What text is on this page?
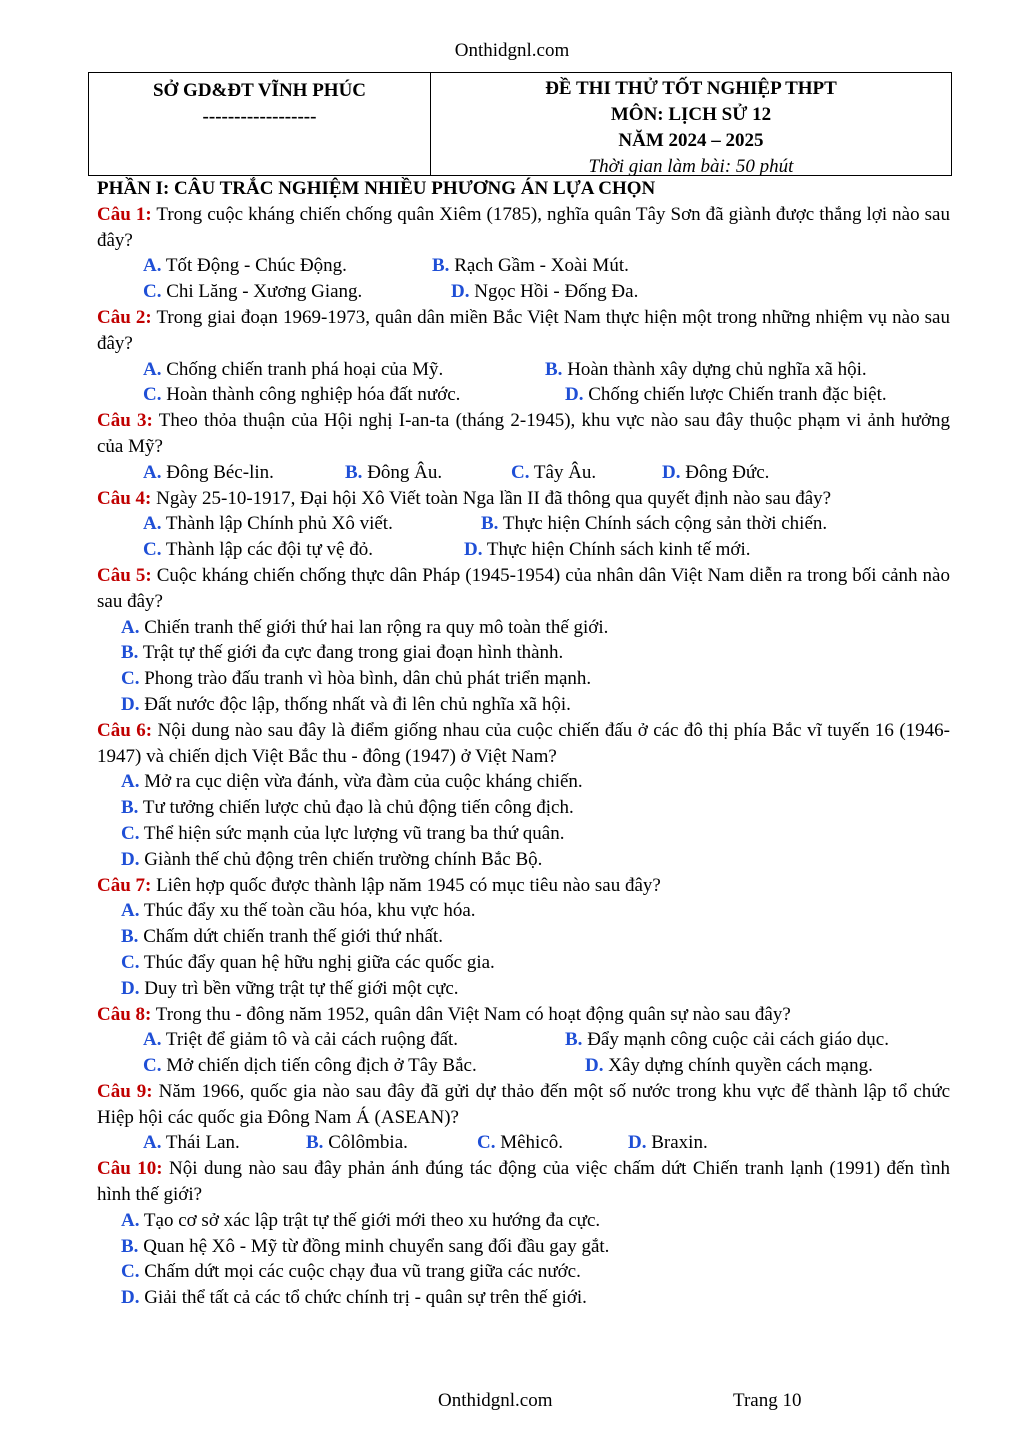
Onthidgnl.com
SỞ GD&ĐT VĨNH PHÚC
------------------
ĐỀ THI THỬ TỐT NGHIỆP THPT
MÔN: LỊCH SỬ 12
NĂM 2024 – 2025
Thời gian làm bài: 50 phút
PHẦN I: CÂU TRẮC NGHIỆM NHIỀU PHƯƠNG ÁN LỰA CHỌN
Câu 1: Trong cuộc kháng chiến chống quân Xiêm (1785), nghĩa quân Tây Sơn đã giành được thắng lợi nào sau đây?
A. Tốt Động - Chúc Động.	B. Rạch Gầm - Xoài Mút.
C. Chi Lăng - Xương Giang.	D. Ngọc Hồi - Đống Đa.
Câu 2: Trong giai đoạn 1969-1973, quân dân miền Bắc Việt Nam thực hiện một trong những nhiệm vụ nào sau đây?
A. Chống chiến tranh phá hoại của Mỹ.	B. Hoàn thành xây dựng chủ nghĩa xã hội.
C. Hoàn thành công nghiệp hóa đất nước.	D. Chống chiến lược Chiến tranh đặc biệt.
Câu 3: Theo thỏa thuận của Hội nghị I-an-ta (tháng 2-1945), khu vực nào sau đây thuộc phạm vi ảnh hưởng của Mỹ?
A. Đông Béc-lin.	B. Đông Âu.	C. Tây Âu.	D. Đông Đức.
Câu 4: Ngày 25-10-1917, Đại hội Xô Viết toàn Nga lần II đã thông qua quyết định nào sau đây?
A. Thành lập Chính phủ Xô viết.	B. Thực hiện Chính sách cộng sản thời chiến.
C. Thành lập các đội tự vệ đỏ.	D. Thực hiện Chính sách kinh tế mới.
Câu 5: Cuộc kháng chiến chống thực dân Pháp (1945-1954) của nhân dân Việt Nam diễn ra trong bối cảnh nào sau đây?
A. Chiến tranh thế giới thứ hai lan rộng ra quy mô toàn thế giới.
B. Trật tự thế giới đa cực đang trong giai đoạn hình thành.
C. Phong trào đấu tranh vì hòa bình, dân chủ phát triển mạnh.
D. Đất nước độc lập, thống nhất và đi lên chủ nghĩa xã hội.
Câu 6: Nội dung nào sau đây là điểm giống nhau của cuộc chiến đấu ở các đô thị phía Bắc vĩ tuyến 16 (1946-1947) và chiến dịch Việt Bắc thu - đông (1947) ở Việt Nam?
A. Mở ra cục diện vừa đánh, vừa đàm của cuộc kháng chiến.
B. Tư tưởng chiến lược chủ đạo là chủ động tiến công địch.
C. Thể hiện sức mạnh của lực lượng vũ trang ba thứ quân.
D. Giành thế chủ động trên chiến trường chính Bắc Bộ.
Câu 7: Liên hợp quốc được thành lập năm 1945 có mục tiêu nào sau đây?
A. Thúc đẩy xu thế toàn cầu hóa, khu vực hóa.
B. Chấm dứt chiến tranh thế giới thứ nhất.
C. Thúc đẩy quan hệ hữu nghị giữa các quốc gia.
D. Duy trì bền vững trật tự thế giới một cực.
Câu 8: Trong thu - đông năm 1952, quân dân Việt Nam có hoạt động quân sự nào sau đây?
A. Triệt để giảm tô và cải cách ruộng đất.	B. Đẩy mạnh công cuộc cải cách giáo dục.
C. Mở chiến dịch tiến công địch ở Tây Bắc.	D. Xây dựng chính quyền cách mạng.
Câu 9: Năm 1966, quốc gia nào sau đây đã gửi dự thảo đến một số nước trong khu vực để thành lập tổ chức Hiệp hội các quốc gia Đông Nam Á (ASEAN)?
A. Thái Lan.	B. Côlômbia.	C. Mêhicô.	D. Braxin.
Câu 10: Nội dung nào sau đây phản ánh đúng tác động của việc chấm dứt Chiến tranh lạnh (1991) đến tình hình thế giới?
A. Tạo cơ sở xác lập trật tự thế giới mới theo xu hướng đa cực.
B. Quan hệ Xô - Mỹ từ đồng minh chuyển sang đối đầu gay gắt.
C. Chấm dứt mọi các cuộc chạy đua vũ trang giữa các nước.
D. Giải thể tất cả các tổ chức chính trị - quân sự trên thế giới.
Onthidgnl.com	Trang 10
